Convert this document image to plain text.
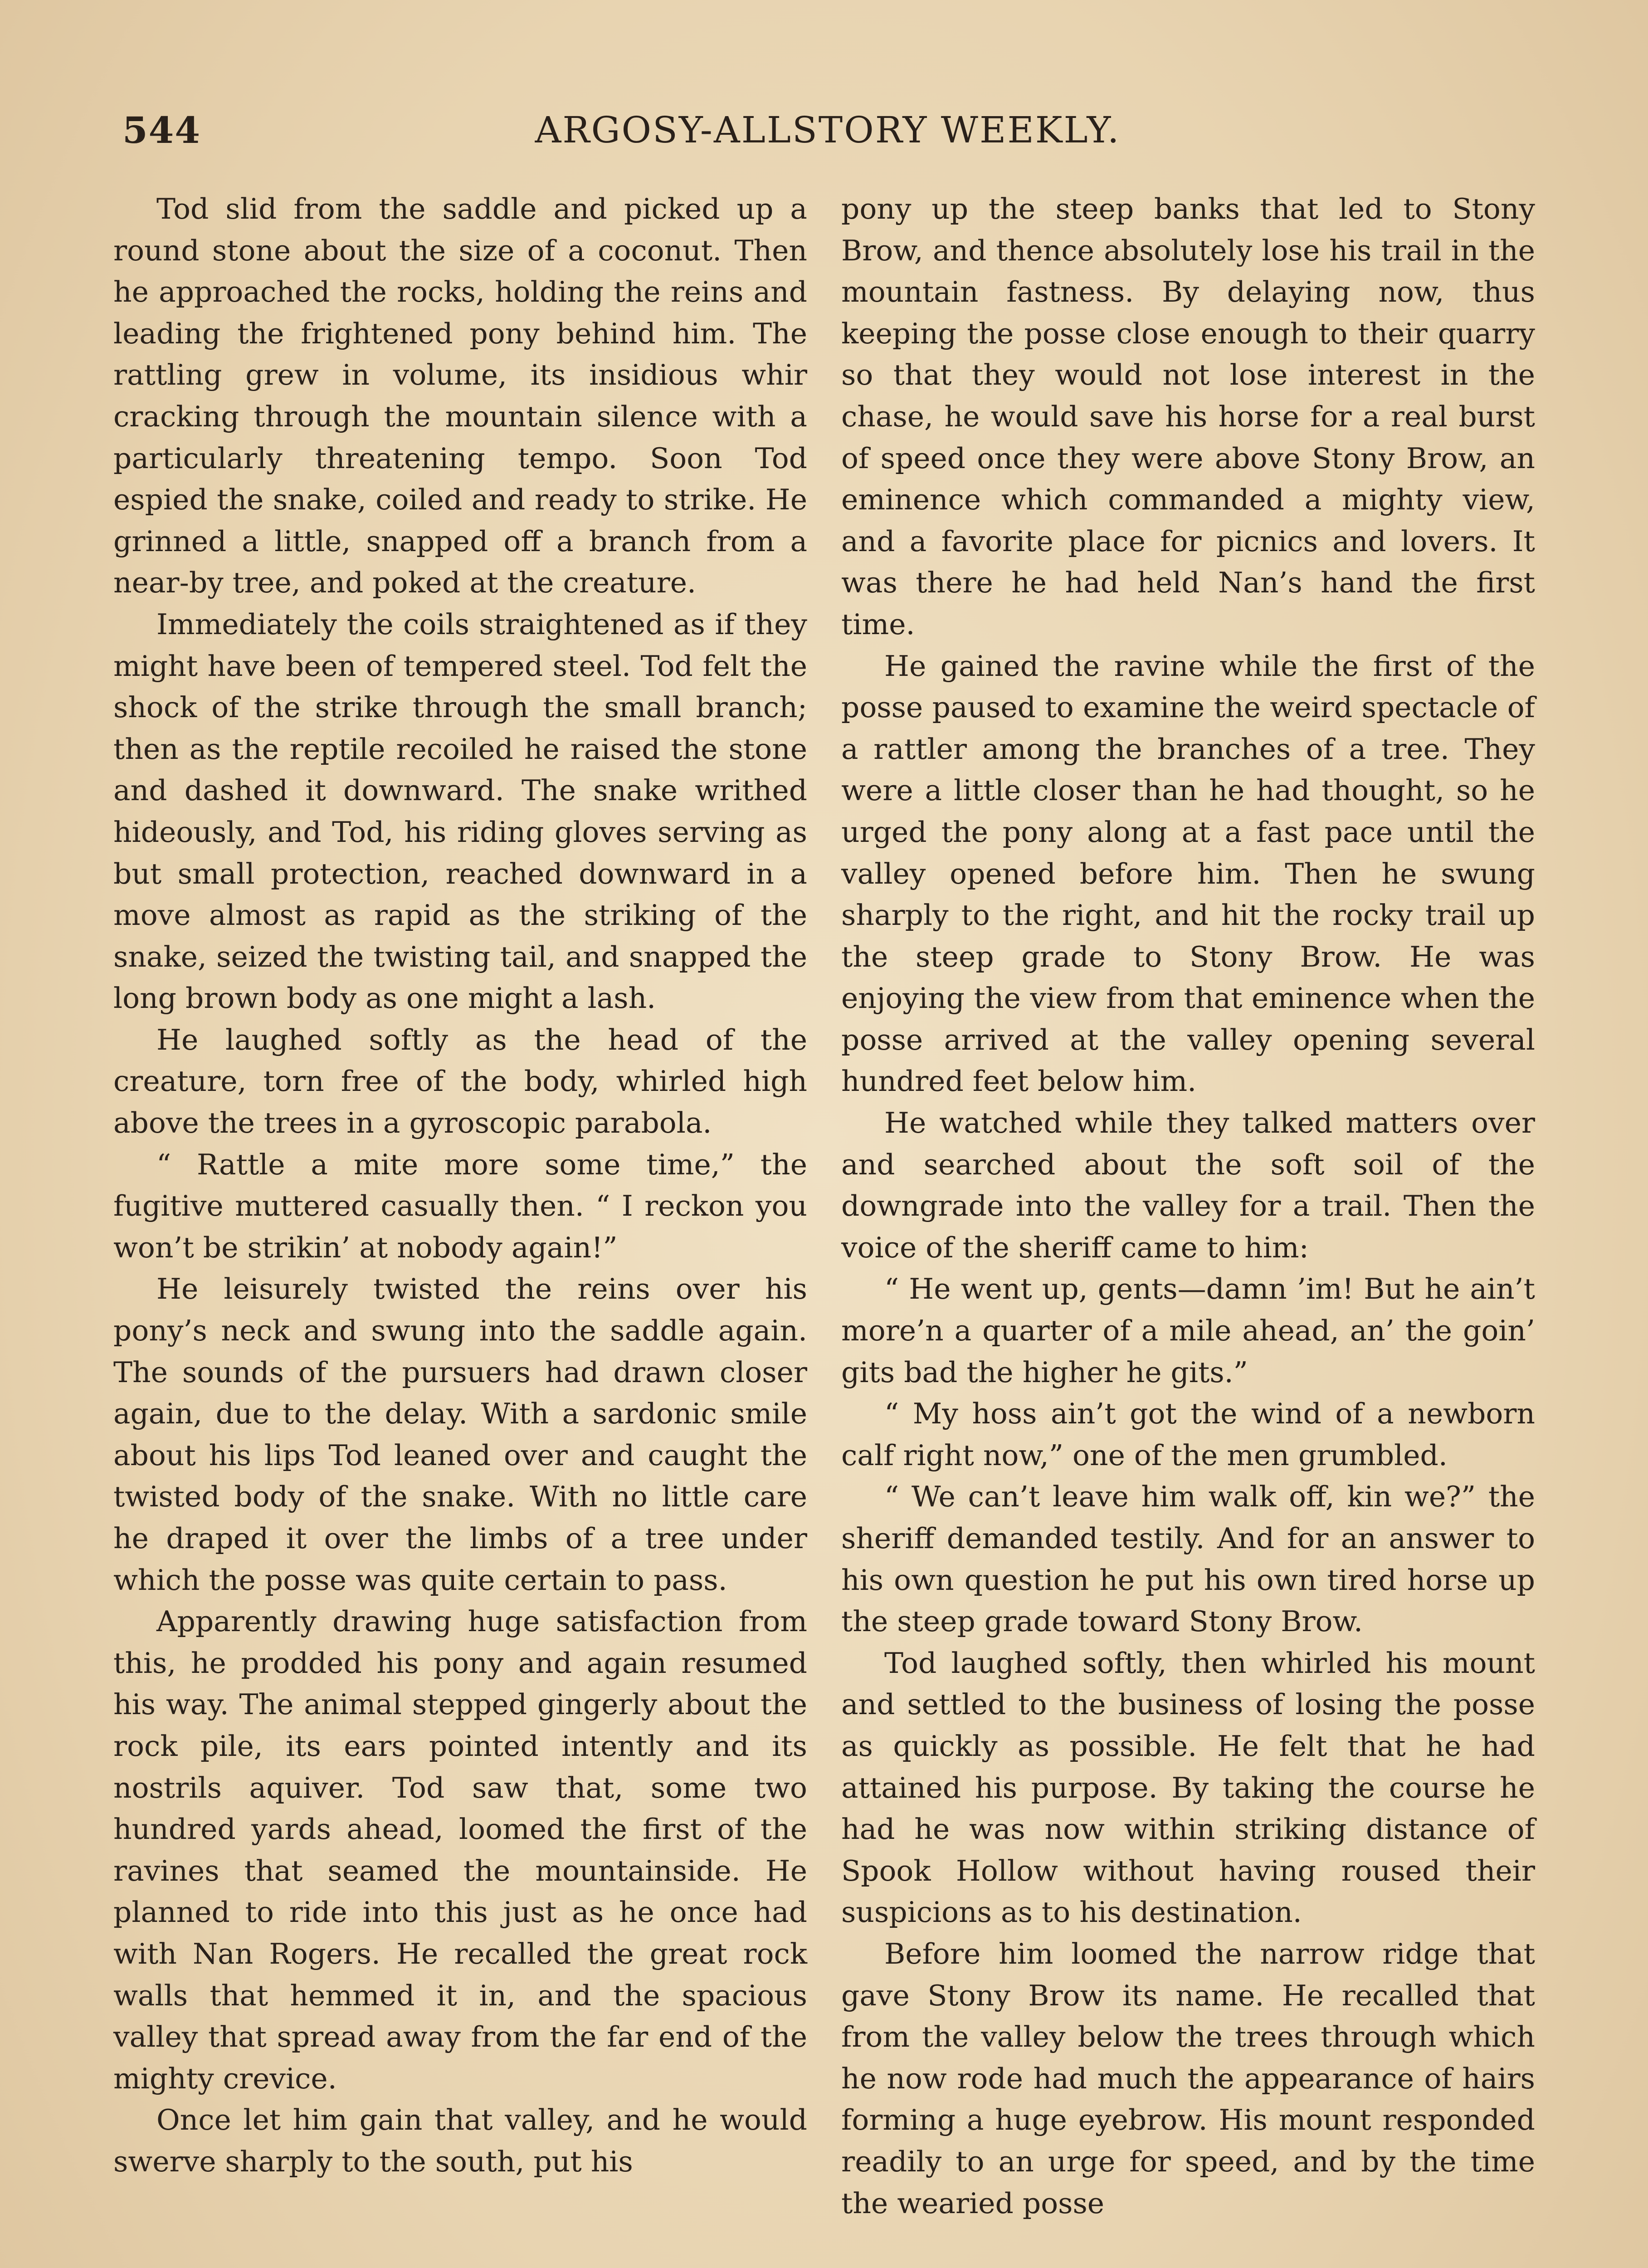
544	ARGOSY-ALLSTORY WEEKLY.

Tod slid from the saddle and picked up a round stone about the size of a coconut. Then he approached the rocks, holding the reins and leading the frightened pony behind him. The rattling grew in volume, its insidious whir cracking through the mountain silence with a particularly threatening tempo. Soon Tod espied the snake, coiled and ready to strike. He grinned a little, snapped off a branch from a near-by tree, and poked at the creature.

Immediately the coils straightened as if they might have been of tempered steel. Tod felt the shock of the strike through the small branch; then as the reptile recoiled he raised the stone and dashed it downward. The snake writhed hideously, and Tod, his riding gloves serving as but small protection, reached downward in a move almost as rapid as the striking of the snake, seized the twisting tail, and snapped the long brown body as one might a lash.

He laughed softly as the head of the creature, torn free of the body, whirled high above the trees in a gyroscopic parabola.

“ Rattle a mite more some time,” the fugitive muttered casually then. “ I reckon you won’t be strikin’ at nobody again!”

He leisurely twisted the reins over his pony’s neck and swung into the saddle again. The sounds of the pursuers had drawn closer again, due to the delay. With a sardonic smile about his lips Tod leaned over and caught the twisted body of the snake. With no little care he draped it over the limbs of a tree under which the posse was quite certain to pass.

Apparently drawing huge satisfaction from this, he prodded his pony and again resumed his way. The animal stepped gingerly about the rock pile, its ears pointed intently and its nostrils aquiver. Tod saw that, some two hundred yards ahead, loomed the first of the ravines that seamed the mountainside. He planned to ride into this just as he once had with Nan Rogers. He recalled the great rock walls that hemmed it in, and the spacious valley that spread away from the far end of the mighty crevice.

Once let him gain that valley, and he would swerve sharply to the south, put his

pony up the steep banks that led to Stony Brow, and thence absolutely lose his trail in the mountain fastness. By delaying now, thus keeping the posse close enough to their quarry so that they would not lose interest in the chase, he would save his horse for a real burst of speed once they were above Stony Brow, an eminence which commanded a mighty view, and a favorite place for picnics and lovers. It was there he had held Nan’s hand the first time.

He gained the ravine while the first of the posse paused to examine the weird spectacle of a rattler among the branches of a tree. They were a little closer than he had thought, so he urged the pony along at a fast pace until the valley opened before him. Then he swung sharply to the right, and hit the rocky trail up the steep grade to Stony Brow. He was enjoying the view from that eminence when the posse arrived at the valley opening several hundred feet below him.

He watched while they talked matters over and searched about the soft soil of the downgrade into the valley for a trail. Then the voice of the sheriff came to him:

“ He went up, gents—damn ’im! But he ain’t more’n a quarter of a mile ahead, an’ the goin’ gits bad the higher he gits.”

“ My hoss ain’t got the wind of a newborn calf right now,” one of the men grumbled.

“ We can’t leave him walk off, kin we?” the sheriff demanded testily. And for an answer to his own question he put his own tired horse up the steep grade toward Stony Brow.

Tod laughed softly, then whirled his mount and settled to the business of losing the posse as quickly as possible. He felt that he had attained his purpose. By taking the course he had he was now within striking distance of Spook Hollow without having roused their suspicions as to his destination.

Before him loomed the narrow ridge that gave Stony Brow its name. He recalled that from the valley below the trees through which he now rode had much the appearance of hairs forming a huge eyebrow. His mount responded readily to an urge for speed, and by the time the wearied posse
